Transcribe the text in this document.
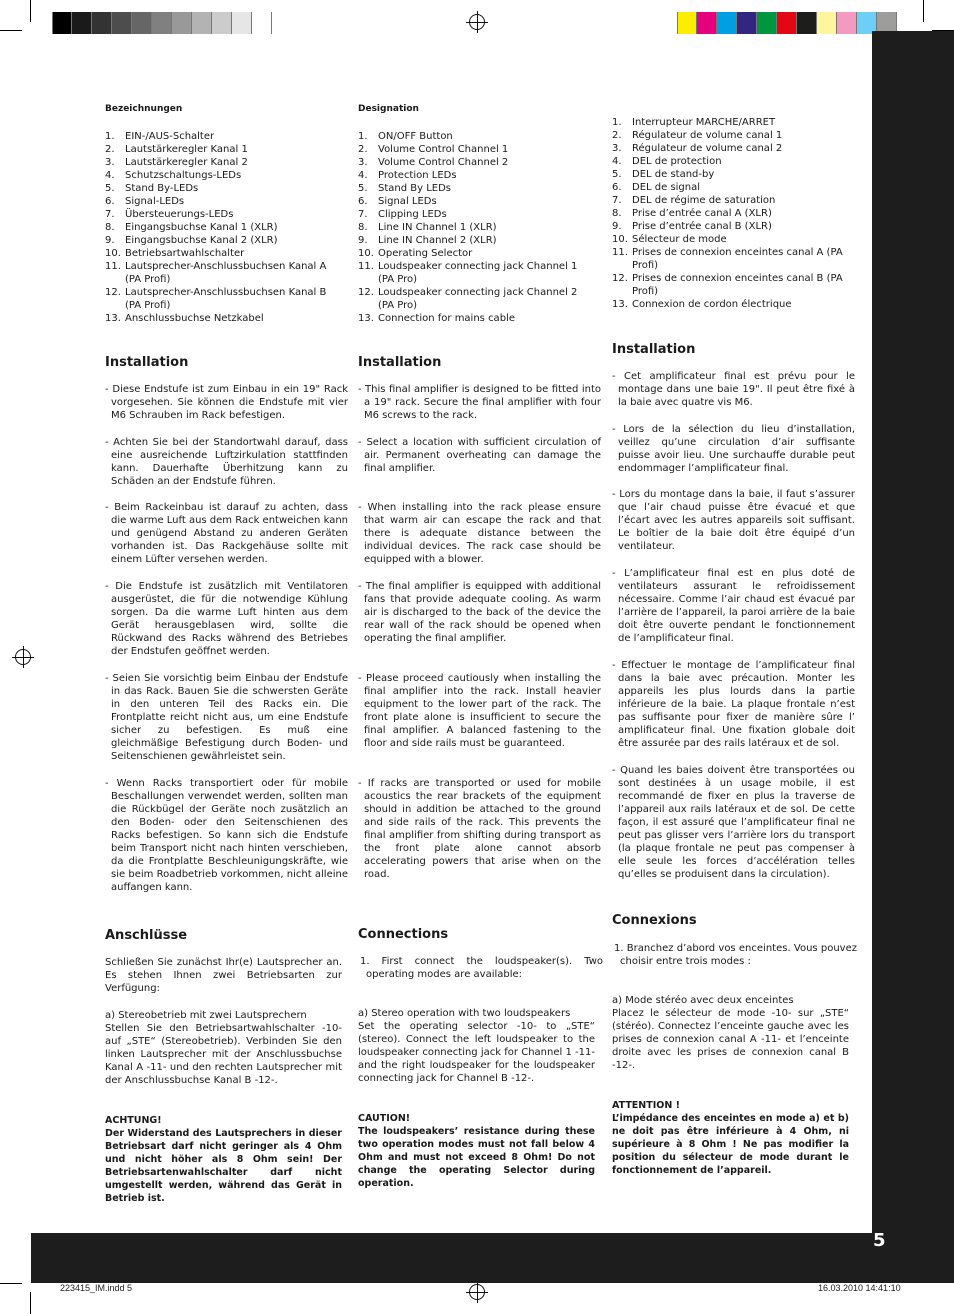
5
223415_IM.indd 5	16.03.2010 14:41:10
Bezeichnungen
1.	EIN-/AUS-Schalter
2.	Lautstärkeregler Kanal 1
3.	Lautstärkeregler Kanal 2
4.	Schutzschaltungs-LEDs
5.	Stand By-LEDs
6.	Signal-LEDs
7.	Übersteuerungs-LEDs
8.	Eingangsbuchse Kanal 1 (XLR)
9.	Eingangsbuchse Kanal 2 (XLR)
10. Betriebsartwahlschalter
11. Lautsprecher-Anschlussbuchsen Kanal A (PA Profi)
12. Lautsprecher-Anschlussbuchsen Kanal B (PA Profi)
13. Anschlussbuchse Netzkabel
Installation

- Diese Endstufe ist zum Einbau in ein 19" Rack vorgesehen. Sie können die Endstufe mit vier M6 Schrauben im Rack befestigen.

- Achten Sie bei der Standortwahl darauf, dass eine ausreichende Luftzirkulation stattfinden kann. Dauerhafte Überhitzung kann zu Schäden an der Endstufe führen.

- Beim Rackeinbau ist darauf zu achten, dass die warme Luft aus dem Rack entweichen kann und genügend Abstand zu anderen Geräten vorhanden ist. Das Rackgehäuse sollte mit einem Lüfter versehen werden.

- Die Endstufe ist zusätzlich mit Ventilatoren ausgerüstet, die für die notwendige Kühlung sorgen. Da die warme Luft hinten aus dem Gerät herausgeblasen wird, sollte die Rückwand des Racks während des Betriebes der Endstufen geöffnet werden.

- Seien Sie vorsichtig beim Einbau der Endstufe in das Rack. Bauen Sie die schwersten Geräte in den unteren Teil des Racks ein. Die Frontplatte reicht nicht aus, um eine Endstufe sicher zu befestigen. Es muß eine gleichmäßige Befestigung durch Boden- und Seitenschienen gewährleistet sein.

- Wenn Racks transportiert oder für mobile Beschallungen verwendet werden, sollten man die Rückbügel der Geräte noch zusätzlich an den Boden- oder den Seitenschienen des Racks befestigen. So kann sich die Endstufe beim Transport nicht nach hinten verschieben, da die Frontplatte Beschleunigungskräfte, wie sie beim Roadbetrieb vorkommen, nicht alleine auffangen kann.

Anschlüsse

Schließen Sie zunächst Ihr(e) Lautsprecher an. Es stehen Ihnen zwei Betriebsarten zur Verfügung:

a) Stereobetrieb mit zwei Lautsprechern

Stellen Sie den Betriebsartwahlschalter -10- auf „STE“ (Stereobetrieb). Verbinden Sie den linken Lautsprecher mit der Anschlussbuchse Kanal A -11- und den rechten Lautsprecher mit der Anschlussbuchse Kanal B -12-.

ACHTUNG!

Der Widerstand des Lautsprechers in dieser Betriebsart darf nicht geringer als 4 Ohm und nicht höher als 8 Ohm sein! Der Betriebsartenwahlschalter darf nicht umgestellt werden, während das Gerät in Betrieb ist.

Designation
1.	ON/OFF Button
2.	Volume Control Channel 1
3.	Volume Control Channel 2
4.	Protection LEDs
5.	Stand By LEDs
6.	Signal LEDs
7.	Clipping LEDs
8.	Line IN Channel 1 (XLR)
9.	Line IN Channel 2 (XLR)
10. Operating Selector
11. Loudspeaker connecting jack Channel 1 (PA Pro)
12. Loudspeaker connecting jack Channel 2 (PA Pro)
13. Connection for mains cable
Installation

- This final amplifier is designed to be fitted into a 19" rack. Secure the final amplifier with four M6 screws to the rack.

- Select a location with sufficient circulation of air. Permanent overheating can damage the final amplifier.

- When installing into the rack please ensure that warm air can escape the rack and that there is adequate distance between the individual devices. The rack case should be equipped with a blower.

- The final amplifier is equipped with additional fans that provide adequate cooling. As warm air is discharged to the back of the device the rear wall of the rack should be opened when operating the final amplifier.

- Please proceed cautiously when installing the final amplifier into the rack. Install heavier equipment to the lower part of the rack. The front plate alone is insufficient to secure the final amplifier. A balanced fastening to the floor and side rails must be guaranteed.

- If racks are transported or used for mobile acoustics the rear brackets of the equipment should in addition be attached to the ground and side rails of the rack. This prevents the final amplifier from shifting during transport as the front plate alone cannot absorb accelerating powers that arise when on the road.

Connections

1. First connect the loudspeaker(s). Two operating modes are available:

a) Stereo operation with two loudspeakers

Set the operating selector -10- to „STE“ (stereo). Connect the left loudspeaker to the loudspeaker connecting jack for Channel 1 -11- and the right loudspeaker for the loudspeaker connecting jack for Channel B -12-.

CAUTION!

The loudspeakers’ resistance during these two operation modes must not fall below 4 Ohm and must not exceed 8 Ohm! Do not change the operating Selector during operation.

1.	Interrupteur MARCHE/ARRET
2.	Régulateur de volume canal 1
3.	Régulateur de volume canal 2
4.	DEL de protection
5.	DEL de stand-by
6.	DEL de signal
7.	DEL de régime de saturation
8.	Prise d’entrée canal A (XLR)
9.	Prise d’entrée canal B (XLR)
10. Sélecteur de mode
11. Prises de connexion enceintes canal A (PA Profi)
12. Prises de connexion enceintes canal B (PA Profi)
13. Connexion de cordon électrique
Installation

- Cet amplificateur final est prévu pour le montage dans une baie 19". Il peut être fixé à la baie avec quatre vis M6.

- Lors de la sélection du lieu d’installation, veillez qu’une circulation d’air suffisante puisse avoir lieu. Une surchauffe durable peut endommager l’amplificateur final.

- Lors du montage dans la baie, il faut s’assurer que l’air chaud puisse être évacué et que l’écart avec les autres appareils soit suffisant. Le boîtier de la baie doit être équipé d’un ventilateur.

- L’amplificateur final est en plus doté de ventilateurs assurant le refroidissement nécessaire. Comme l’air chaud est évacué par l’arrière de l’appareil, la paroi arrière de la baie doit être ouverte pendant le fonctionnement de l’amplificateur final.

- Effectuer le montage de l’amplificateur final dans la baie avec précaution. Monter les appareils les plus lourds dans la partie inférieure de la baie. La plaque frontale n’est pas suffisante pour fixer de manière sûre l’ amplificateur final. Une fixation globale doit être assurée par des rails latéraux et de sol.

- Quand les baies doivent être transportées ou sont destinées à un usage mobile, il est recommandé de fixer en plus la traverse de l’appareil aux rails latéraux et de sol. De cette façon, il est assuré que l’amplificateur final ne peut pas glisser vers l’arrière lors du transport (la plaque frontale ne peut pas compenser à elle seule les forces d’accélération telles qu’elles se produisent dans la circulation).

Connexions

1. Branchez d’abord vos enceintes. Vous pouvez choisir entre trois modes :

a) Mode stéréo avec deux enceintes

Placez le sélecteur de mode -10- sur „STE“ (stéréo). Connectez l’enceinte gauche avec les prises de connexion canal A -11- et l’enceinte droite avec les prises de connexion canal B -12-.

ATTENTION !

L’impédance des enceintes en mode a) et b) ne doit pas être inférieure à 4 Ohm, ni supérieure à 8 Ohm ! Ne pas modifier la position du sélecteur de mode durant le fonctionnement de l’appareil.
